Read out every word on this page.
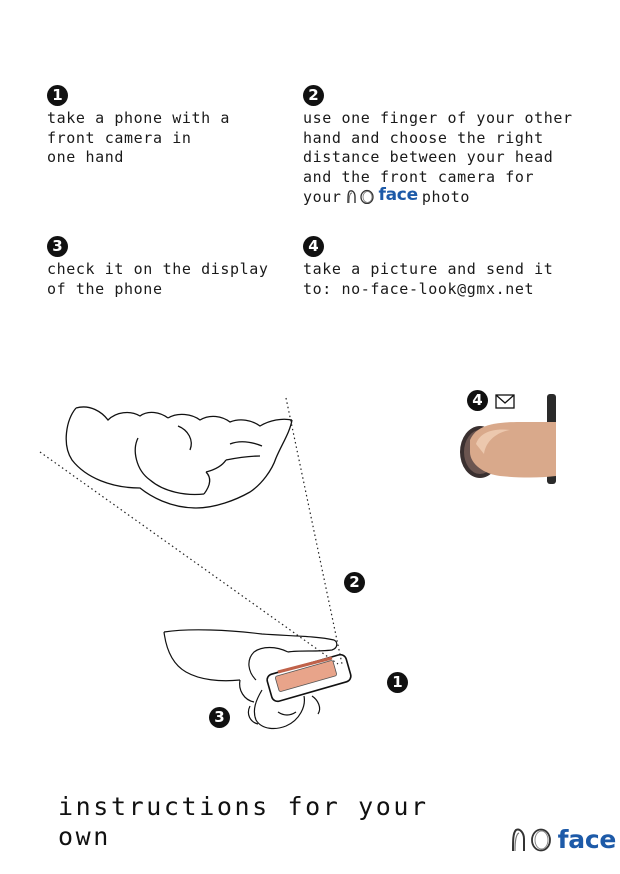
1
take a phone with a
front camera in
one hand
2
use one finger of your other
hand and choose the right
distance between your head
and the front camera for
your face photo
3
check it on the display
of the phone
4
take a picture and send it
to: no-face-look@gmx.net
1
2
3
4
instructions for your own	face
